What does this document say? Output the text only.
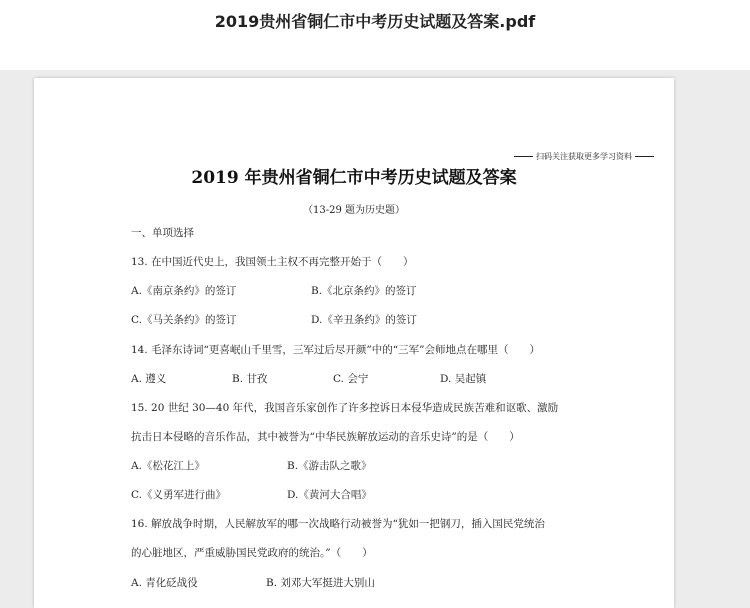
2019贵州省铜仁市中考历史试题及答案.pdf
扫码关注获取更多学习资料
2019 年贵州省铜仁市中考历史试题及答案
（13-29 题为历史题）
一、单项选择
13. 在中国近代史上，我国领土主权不再完整开始于（　　）
A.《南京条约》的签订	B.《北京条约》的签订
C.《马关条约》的签订	D.《辛丑条约》的签订
14. 毛泽东诗词“更喜岷山千里雪，三军过后尽开颜”中的“三军”会师地点在哪里（　　）
A. 遵义	B. 甘孜	C. 会宁	D. 吴起镇
15. 20 世纪 30—40 年代，我国音乐家创作了许多控诉日本侵华造成民族苦难和讴歌、激励
抗击日本侵略的音乐作品，其中被誉为“中华民族解放运动的音乐史诗”的是（　　）
A.《松花江上》	B.《游击队之歌》
C.《义勇军进行曲》	D.《黄河大合唱》
16. 解放战争时期，人民解放军的哪一次战略行动被誉为“犹如一把钢刀，插入国民党统治
的心脏地区，严重威胁国民党政府的统治。”（　　）
A. 青化砭战役	B. 刘邓大军挺进大别山
